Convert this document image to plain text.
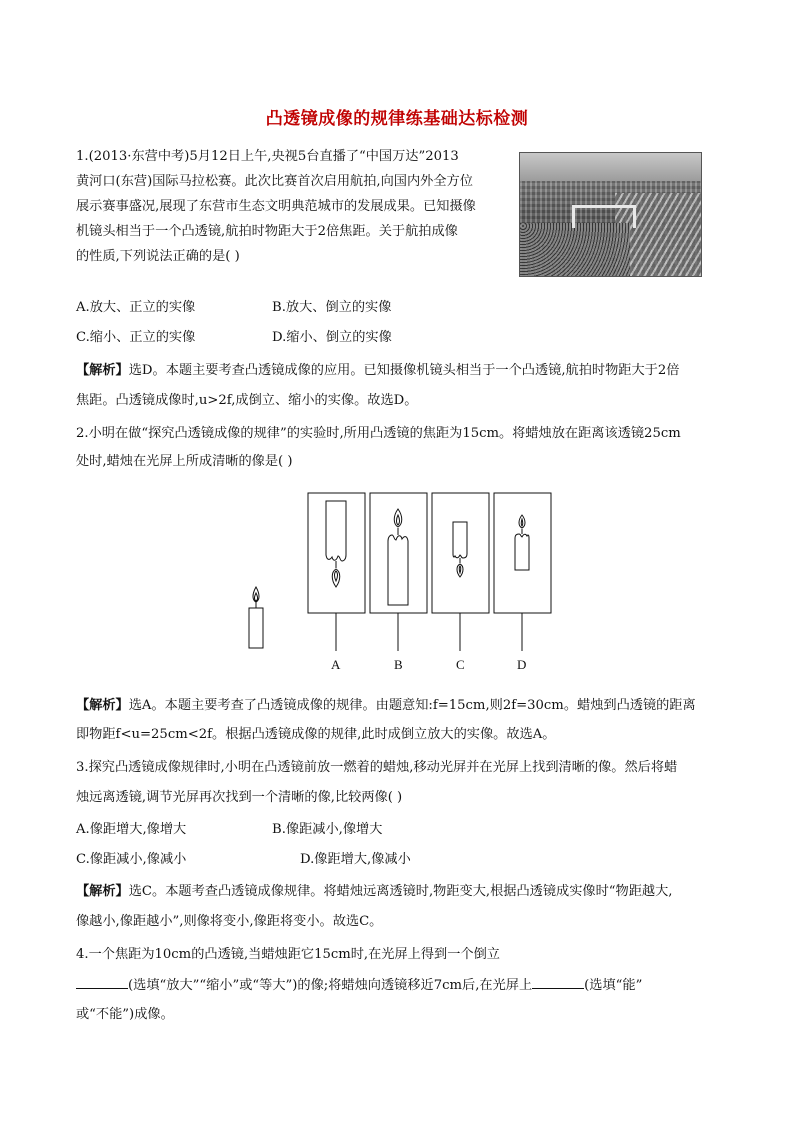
凸透镜成像的规律练基础达标检测
1.(2013·东营中考)5月12日上午,央视5台直播了“中国万达”2013
黄河口(东营)国际马拉松赛。此次比赛首次启用航拍,向国内外全方位
展示赛事盛况,展现了东营市生态文明典范城市的发展成果。已知摄像
机镜头相当于一个凸透镜,航拍时物距大于2倍焦距。关于航拍成像
的性质,下列说法正确的是( )
A.放大、正立的实像	B.放大、倒立的实像
C.缩小、正立的实像	D.缩小、倒立的实像
【解析】选D。本题主要考查凸透镜成像的应用。已知摄像机镜头相当于一个凸透镜,航拍时物距大于2倍
焦距。凸透镜成像时,u>2f,成倒立、缩小的实像。故选D。
2.小明在做“探究凸透镜成像的规律”的实验时,所用凸透镜的焦距为15cm。将蜡烛放在距离该透镜25cm
处时,蜡烛在光屏上所成清晰的像是( )
A	B	C	D
【解析】选A。本题主要考查了凸透镜成像的规律。由题意知:f=15cm,则2f=30cm。蜡烛到凸透镜的距离
即物距f<u=25cm<2f。根据凸透镜成像的规律,此时成倒立放大的实像。故选A。
3.探究凸透镜成像规律时,小明在凸透镜前放一燃着的蜡烛,移动光屏并在光屏上找到清晰的像。然后将蜡
烛远离透镜,调节光屏再次找到一个清晰的像,比较两像( )
A.像距增大,像增大	B.像距减小,像增大
C.像距减小,像减小	D.像距增大,像减小
【解析】选C。本题考查凸透镜成像规律。将蜡烛远离透镜时,物距变大,根据凸透镜成实像时“物距越大,
像越小,像距越小”,则像将变小,像距将变小。故选C。
4.一个焦距为10cm的凸透镜,当蜡烛距它15cm时,在光屏上得到一个倒立
(选填“放大”“缩小”或“等大”)的像;将蜡烛向透镜移近7cm后,在光屏上	(选填“能”
或“不能”)成像。
